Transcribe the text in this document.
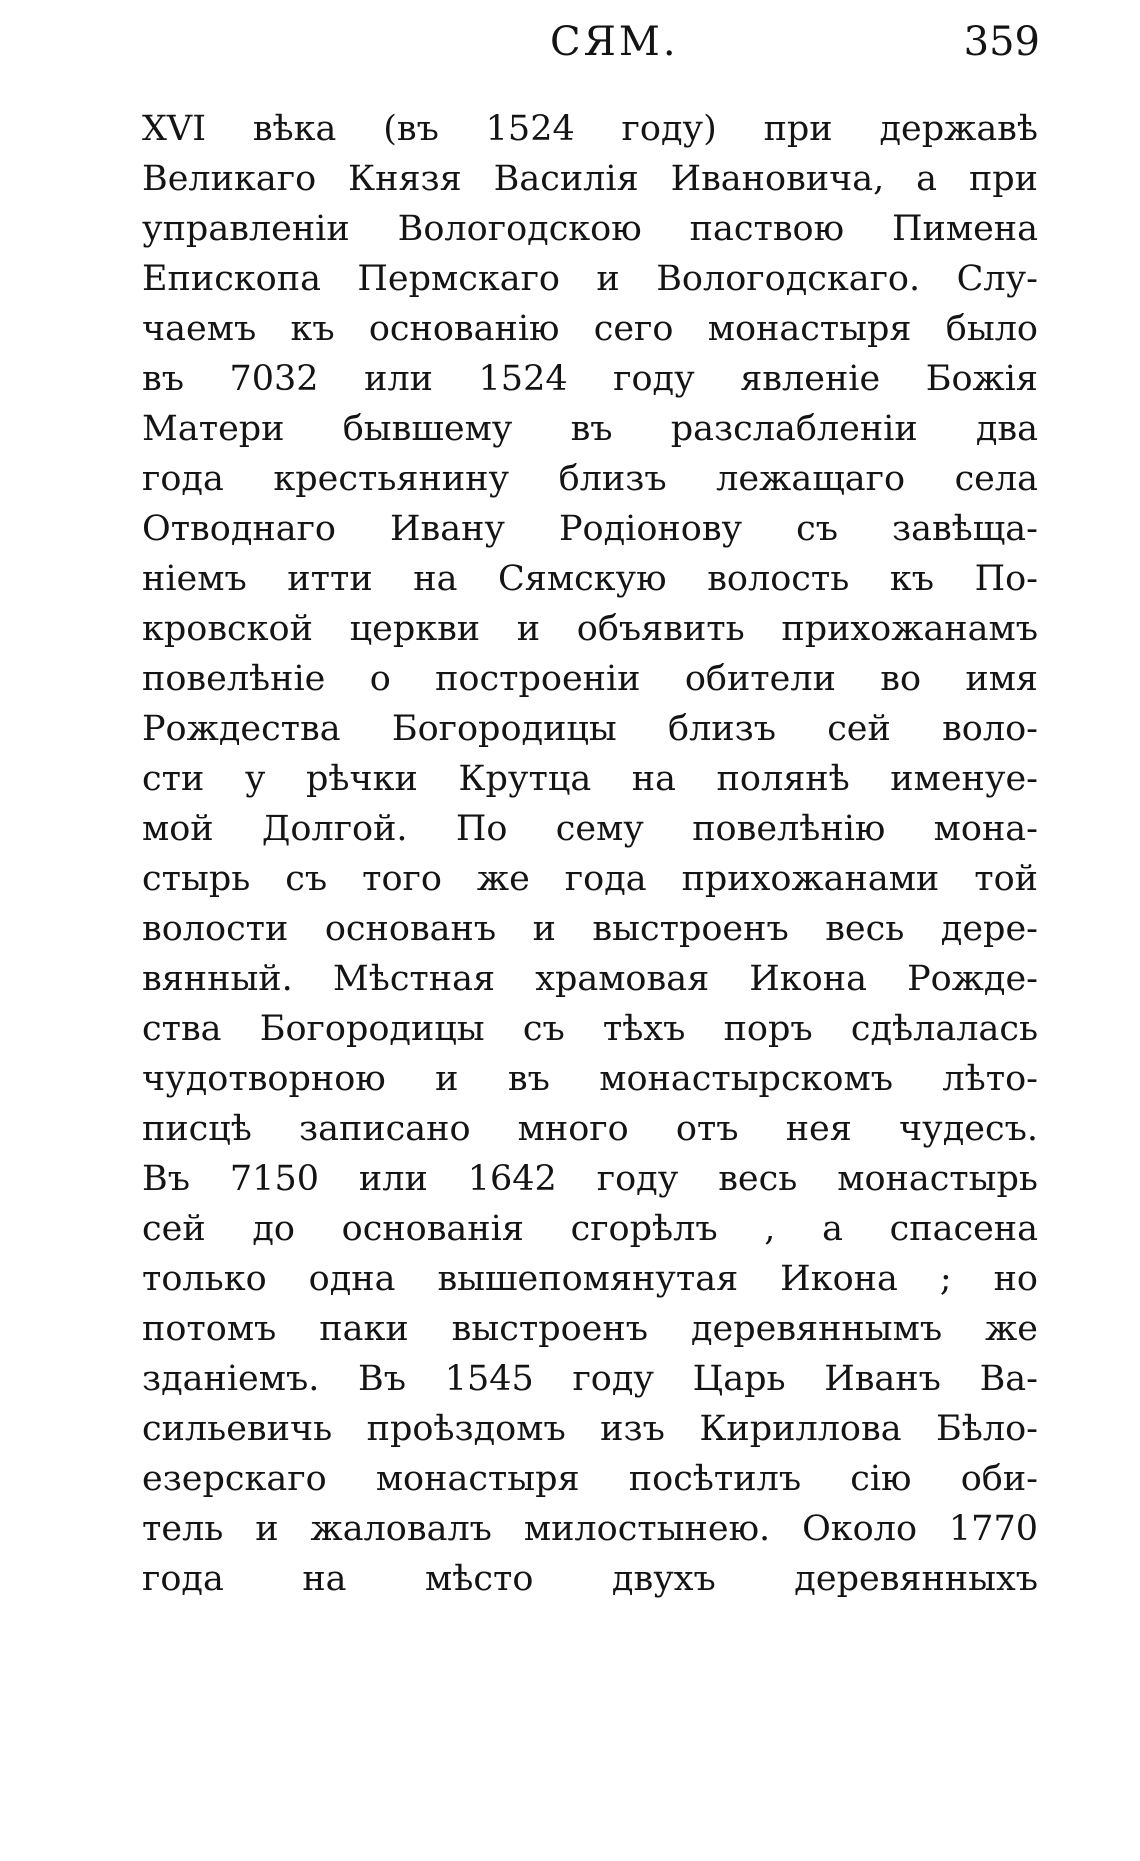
СЯМ.	359
XVI вѣка (въ 1524 году) при державѣ
Великаго Князя Василія Ивановича, а при
управленіи Вологодскою паствою Пимена
Епископа Пермскаго и Вологодскаго. Слу-
чаемъ къ основанію сего монастыря было
въ 7032 или 1524 году явленіе Божія
Матери бывшему въ разслабленіи два
года крестьянину близъ лежащаго села
Отводнаго Ивану Родіонову съ завѣща-
ніемъ итти на Сямскую волость къ По-
кровской церкви и объявить прихожанамъ
повелѣніе о построеніи обители во имя
Рождества Богородицы близъ сей воло-
сти у рѣчки Крутца на полянѣ именуе-
мой Долгой. По сему повелѣнію мона-
стырь съ того же года прихожанами той
волости основанъ и выстроенъ весь дере-
вянный. Мѣстная храмовая Икона Рожде-
ства Богородицы съ тѣхъ поръ сдѣлалась
чудотворною и въ монастырскомъ лѣто-
писцѣ записано много отъ нея чудесъ.
Въ 7150 или 1642 году весь монастырь
сей до основанія сгорѣлъ , а спасена
только одна вышепомянутая Икона ; но
потомъ паки выстроенъ деревяннымъ же
зданіемъ. Въ 1545 году Царь Иванъ Ва-
сильевичь проѣздомъ изъ Кириллова Бѣло-
езерскаго монастыря посѣтилъ сію оби-
тель и жаловалъ милостынею. Около 1770
года на мѣсто двухъ деревянныхъ
